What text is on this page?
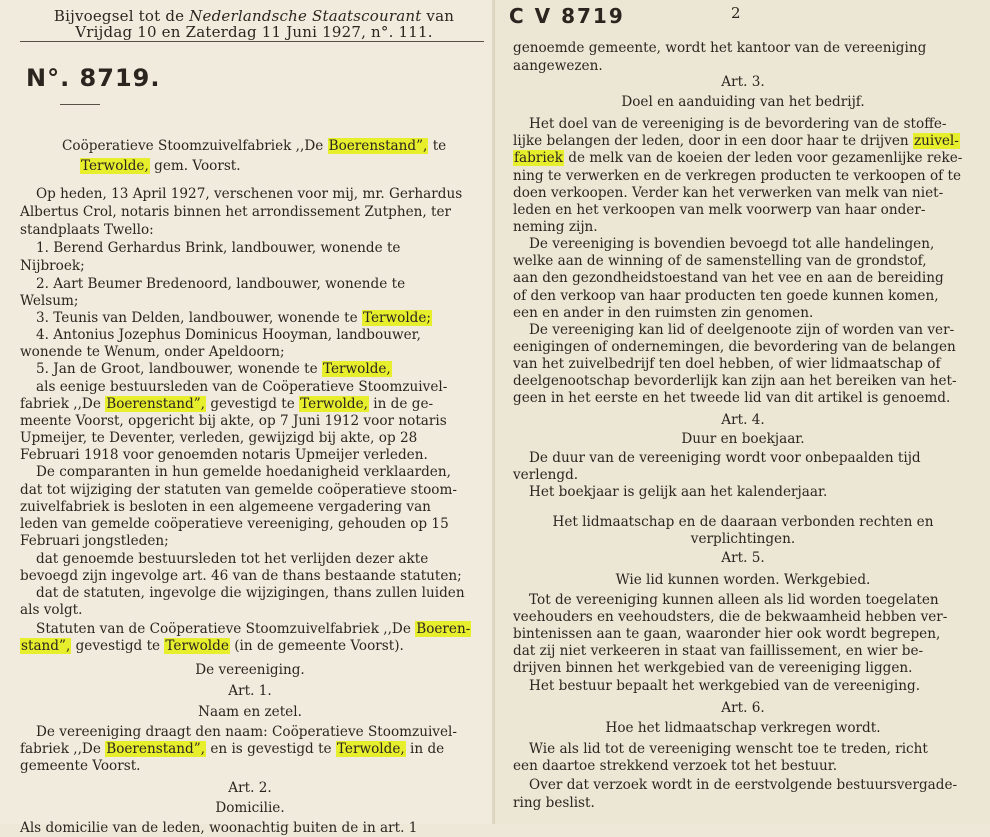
Bijvoegsel tot de Nederlandsche Staatscourant van
Vrijdag 10 en Zaterdag 11 Juni 1927, n°. 111.
N°. 8719.
Coöperatieve Stoomzuivelfabriek ,,De Boerenstand”, te
Terwolde, gem. Voorst.
Op heden, 13 April 1927, verschenen voor mij, mr. Gerhardus
Albertus Crol, notaris binnen het arrondissement Zutphen, ter
standplaats Twello:
1. Berend Gerhardus Brink, landbouwer, wonende te
Nijbroek;
2. Aart Beumer Bredenoord, landbouwer, wonende te
Welsum;
3. Teunis van Delden, landbouwer, wonende te Terwolde;
4. Antonius Jozephus Dominicus Hooyman, landbouwer,
wonende te Wenum, onder Apeldoorn;
5. Jan de Groot, landbouwer, wonende te Terwolde,
als eenige bestuursleden van de Coöperatieve Stoomzuivel-
fabriek ,,De Boerenstand”, gevestigd te Terwolde, in de ge-
meente Voorst, opgericht bij akte, op 7 Juni 1912 voor notaris
Upmeijer, te Deventer, verleden, gewijzigd bij akte, op 28
Februari 1918 voor genoemden notaris Upmeijer verleden.
De comparanten in hun gemelde hoedanigheid verklaarden,
dat tot wijziging der statuten van gemelde coöperatieve stoom-
zuivelfabriek is besloten in een algemeene vergadering van
leden van gemelde coöperatieve vereeniging, gehouden op 15
Februari jongstleden;
dat genoemde bestuursleden tot het verlijden dezer akte
bevoegd zijn ingevolge art. 46 van de thans bestaande statuten;
dat de statuten, ingevolge die wijzigingen, thans zullen luiden
als volgt.
Statuten van de Coöperatieve Stoomzuivelfabriek ,,De Boeren-
stand”, gevestigd te Terwolde (in de gemeente Voorst).
De vereeniging.
Art. 1.
Naam en zetel.
De vereeniging draagt den naam: Coöperatieve Stoomzuivel-
fabriek ,,De Boerenstand”, en is gevestigd te Terwolde, in de
gemeente Voorst.
Art. 2.
Domicilie.
Als domicilie van de leden, woonachtig buiten de in art. 1
C V 8719	2
genoemde gemeente, wordt het kantoor van de vereeniging
aangewezen.
Art. 3.
Doel en aanduiding van het bedrijf.
Het doel van de vereeniging is de bevordering van de stoffe-
lijke belangen der leden, door in een door haar te drijven zuivel-
fabriek de melk van de koeien der leden voor gezamenlijke reke-
ning te verwerken en de verkregen producten te verkoopen of te
doen verkoopen. Verder kan het verwerken van melk van niet-
leden en het verkoopen van melk voorwerp van haar onder-
neming zijn.
De vereeniging is bovendien bevoegd tot alle handelingen,
welke aan de winning of de samenstelling van de grondstof,
aan den gezondheidstoestand van het vee en aan de bereiding
of den verkoop van haar producten ten goede kunnen komen,
een en ander in den ruimsten zin genomen.
De vereeniging kan lid of deelgenoote zijn of worden van ver-
eenigingen of ondernemingen, die bevordering van de belangen
van het zuivelbedrijf ten doel hebben, of wier lidmaatschap of
deelgenootschap bevorderlijk kan zijn aan het bereiken van het-
geen in het eerste en het tweede lid van dit artikel is genoemd.
Art. 4.
Duur en boekjaar.
De duur van de vereeniging wordt voor onbepaalden tijd
verlengd.
Het boekjaar is gelijk aan het kalenderjaar.
Het lidmaatschap en de daaraan verbonden rechten en
verplichtingen.
Art. 5.
Wie lid kunnen worden. Werkgebied.
Tot de vereeniging kunnen alleen als lid worden toegelaten
veehouders en veehoudsters, die de bekwaamheid hebben ver-
bintenissen aan te gaan, waaronder hier ook wordt begrepen,
dat zij niet verkeeren in staat van faillissement, en wier be-
drijven binnen het werkgebied van de vereeniging liggen.
Het bestuur bepaalt het werkgebied van de vereeniging.
Art. 6.
Hoe het lidmaatschap verkregen wordt.
Wie als lid tot de vereeniging wenscht toe te treden, richt
een daartoe strekkend verzoek tot het bestuur.
Over dat verzoek wordt in de eerstvolgende bestuursvergade-
ring beslist.
